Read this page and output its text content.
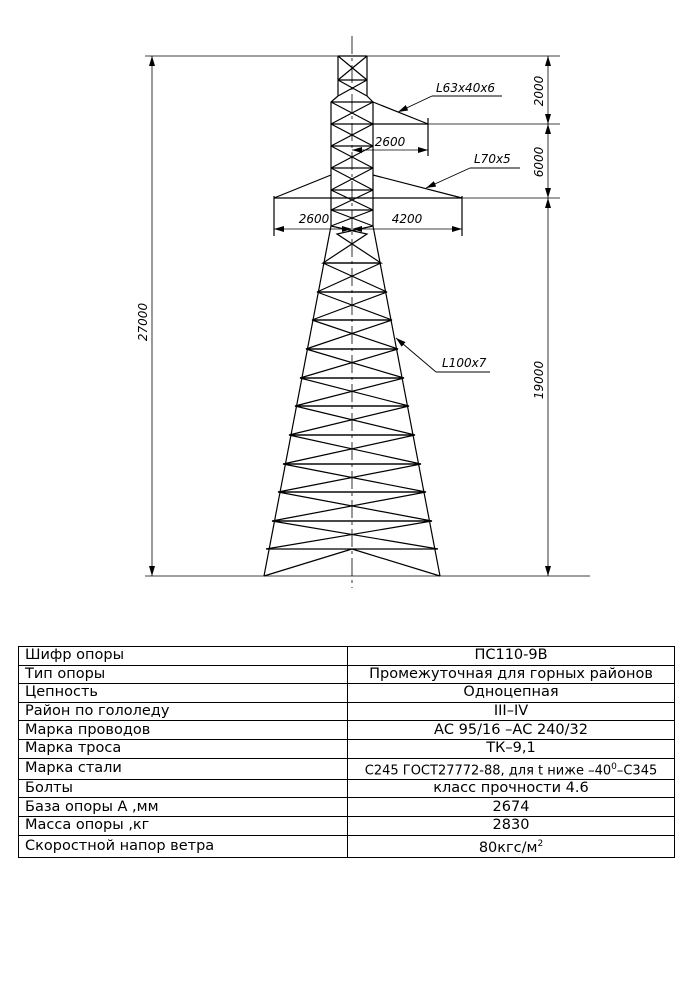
27000
2000
6000
19000
2600
2600	4200
L63x40x6
L70x5
L100x7
Шифр опоры	ПС110-9В
Тип опоры	Промежуточная для горных районов
Цепность	Одноцепная
Район по гололеду	III–IV
Марка проводов	АС 95/16 –АС 240/32
Марка троса	ТК–9,1
Марка стали	С245 ГОСТ27772-88, для t ниже $-40^0-С345$
Болты	класс прочности 4.6
База опоры А ,мм	2674
Масса опоры ,кг	2830
Скоростной напор ветра	$80кгс/м^2$
